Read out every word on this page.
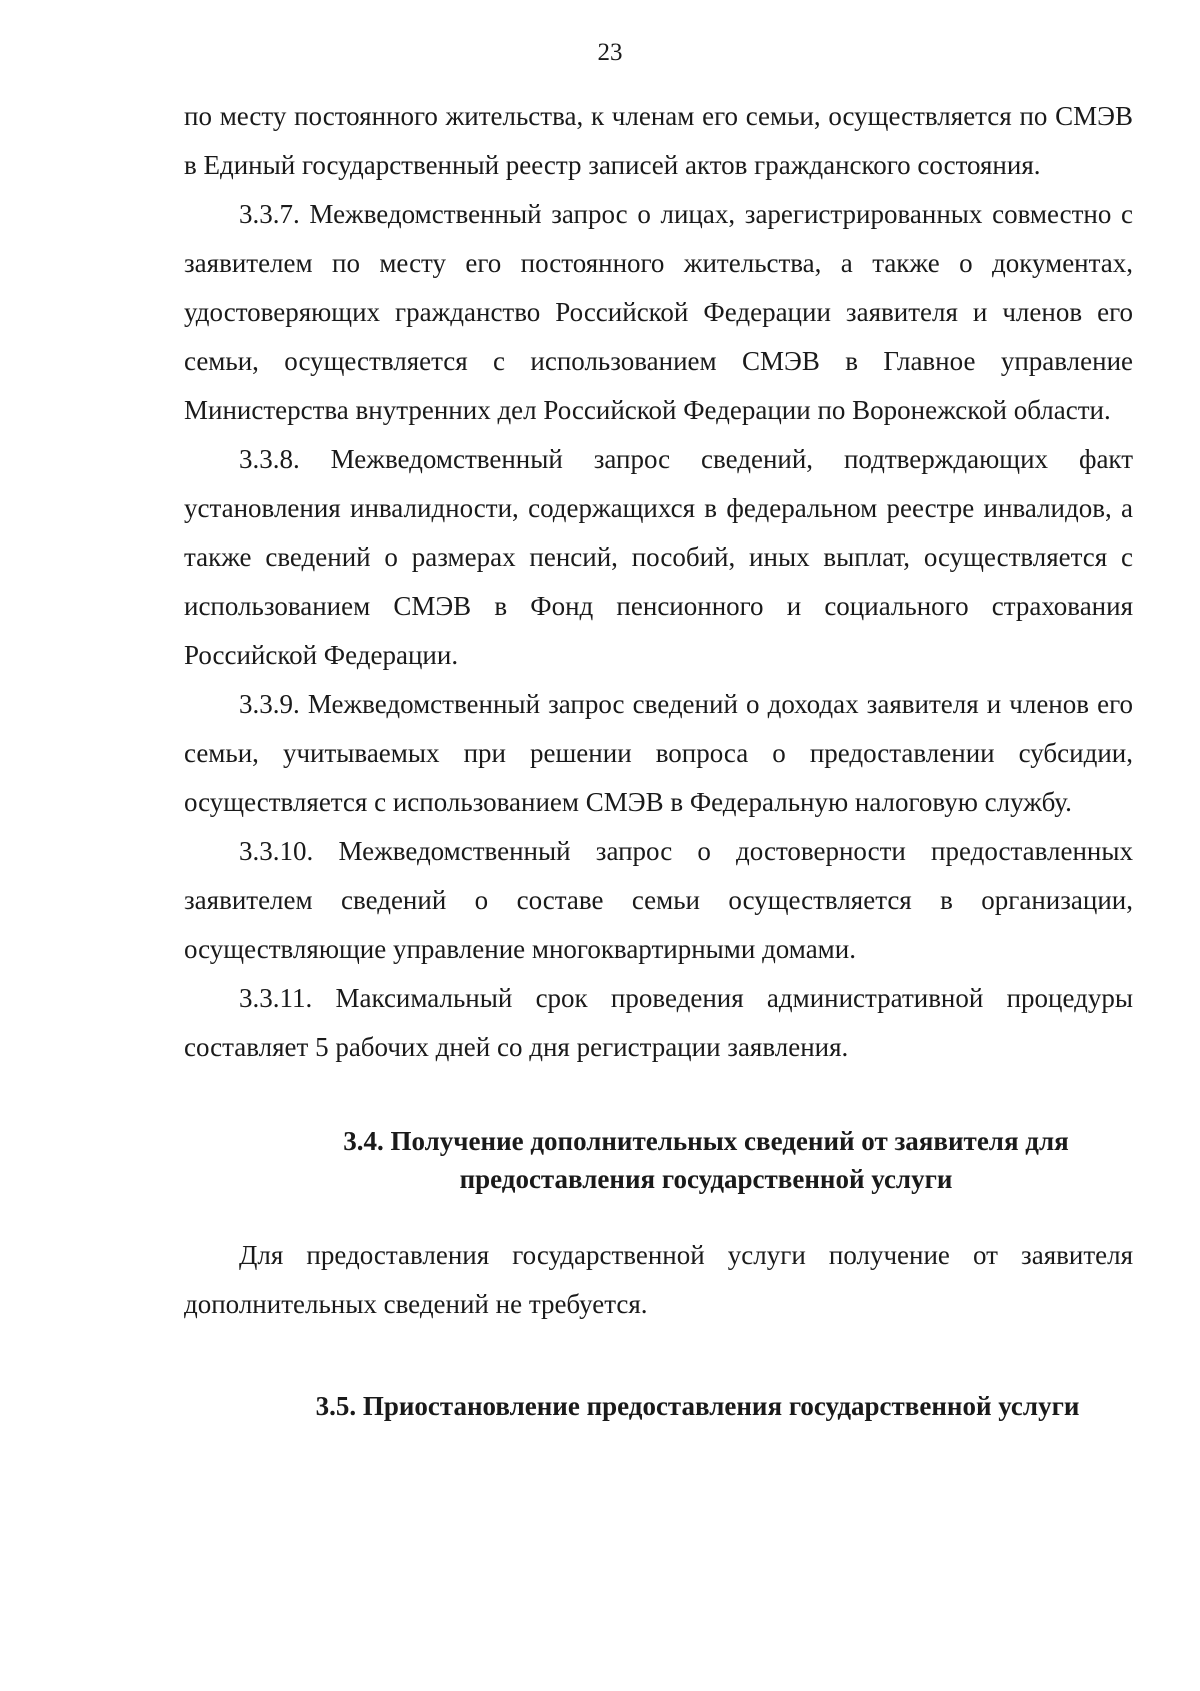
23

по месту постоянного жительства, к членам его семьи, осуществляется по СМЭВ в Единый государственный реестр записей актов гражданского состояния.

3.3.7. Межведомственный запрос о лицах, зарегистрированных совместно с заявителем по месту его постоянного жительства, а также о документах, удостоверяющих гражданство Российской Федерации заявителя и членов его семьи, осуществляется с использованием СМЭВ в Главное управление Министерства внутренних дел Российской Федерации по Воронежской области.

3.3.8. Межведомственный запрос сведений, подтверждающих факт установления инвалидности, содержащихся в федеральном реестре инвалидов, а также сведений о размерах пенсий, пособий, иных выплат, осуществляется с использованием СМЭВ в Фонд пенсионного и социального страхования Российской Федерации.

3.3.9. Межведомственный запрос сведений о доходах заявителя и членов его семьи, учитываемых при решении вопроса о предоставлении субсидии, осуществляется с использованием СМЭВ в Федеральную налоговую службу.

3.3.10. Межведомственный запрос о достоверности предоставленных заявителем сведений о составе семьи осуществляется в организации, осуществляющие управление многоквартирными домами.

3.3.11. Максимальный срок проведения административной процедуры составляет 5 рабочих дней со дня регистрации заявления.

3.4. Получение дополнительных сведений от заявителя для
предоставления государственной услуги

Для предоставления государственной услуги получение от заявителя дополнительных сведений не требуется.

3.5. Приостановление предоставления государственной услуги
